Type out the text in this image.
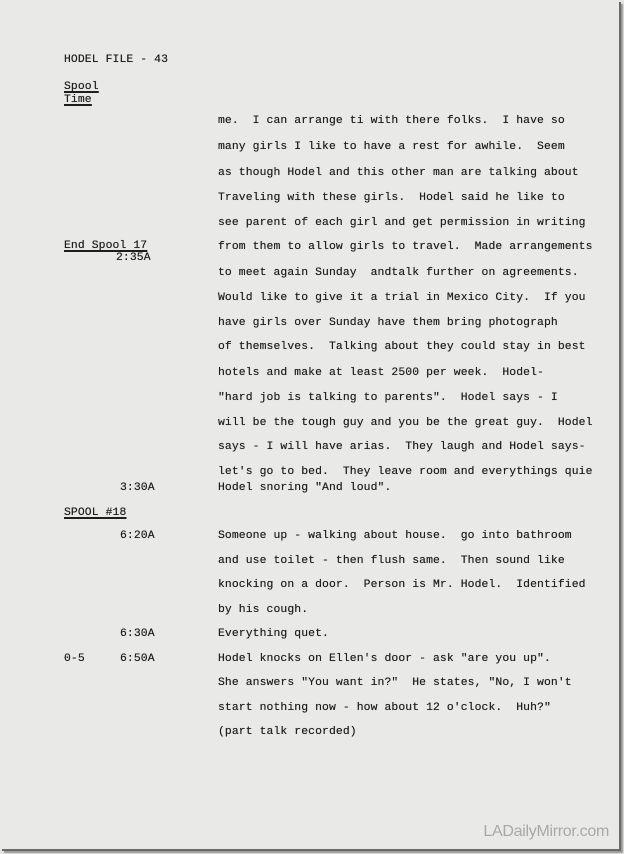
HODEL FILE - 43
Spool
Time
End Spool 17
2:35A
3:30A
SPOOL #18
6:20A
6:30A
0-5	6:50A
me.  I can arrange ti with there folks.  I have so
many girls I like to have a rest for awhile.  Seem
as though Hodel and this other man are talking about
Traveling with these girls.  Hodel said he like to
see parent of each girl and get permission in writing
from them to allow girls to travel.  Made arrangements
to meet again Sunday  andtalk further on agreements.
Would like to give it a trial in Mexico City.  If you
have girls over Sunday have them bring photograph
of themselves.  Talking about they could stay in best
hotels and make at least 2500 per week.  Hodel-
"hard job is talking to parents".  Hodel says - I
will be the tough guy and you be the great guy.  Hodel
says - I will have arias.  They laugh and Hodel says-
let's go to bed.  They leave room and everythings quie
Hodel snoring "And loud".
Someone up - walking about house.  go into bathroom
and use toilet - then flush same.  Then sound like
knocking on a door.  Person is Mr. Hodel.  Identified
by his cough.
Everything quet.
Hodel knocks on Ellen's door - ask "are you up".
She answers "You want in?"  He states, "No, I won't
start nothing now - how about 12 o'clock.  Huh?"
(part talk recorded)
LADailyMirror.com
